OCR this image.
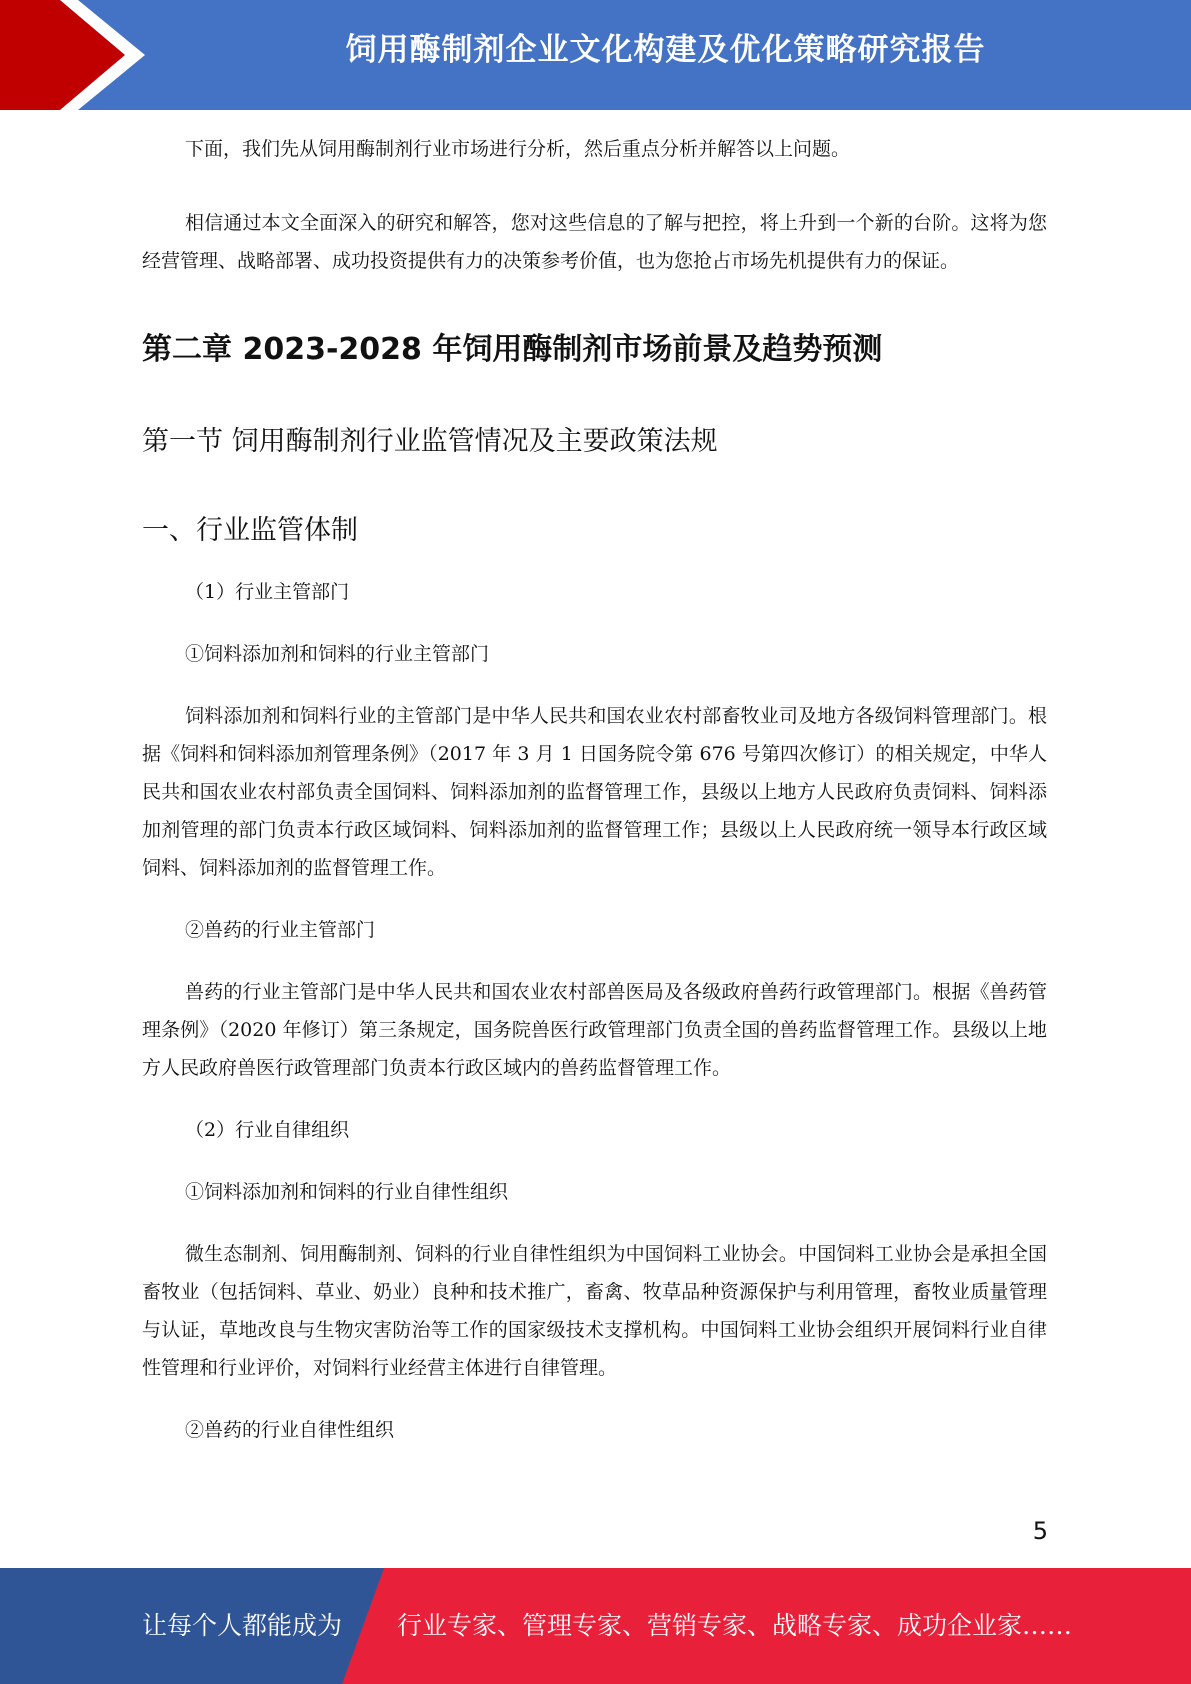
饲用酶制剂企业文化构建及优化策略研究报告

下面，我们先从饲用酶制剂行业市场进行分析，然后重点分析并解答以上问题。

相信通过本文全面深入的研究和解答，您对这些信息的了解与把控，将上升到一个新的台阶。这将为您经营管理、战略部署、成功投资提供有力的决策参考价值，也为您抢占市场先机提供有力的保证。

第二章 2023-2028 年饲用酶制剂市场前景及趋势预测
第一节 饲用酶制剂行业监管情况及主要政策法规
一、行业监管体制

（1）行业主管部门

①饲料添加剂和饲料的行业主管部门

饲料添加剂和饲料行业的主管部门是中华人民共和国农业农村部畜牧业司及地方各级饲料管理部门。根据《饲料和饲料添加剂管理条例》（2017 年 3 月 1 日国务院令第 676 号第四次修订）的相关规定，中华人民共和国农业农村部负责全国饲料、饲料添加剂的监督管理工作，县级以上地方人民政府负责饲料、饲料添加剂管理的部门负责本行政区域饲料、饲料添加剂的监督管理工作；县级以上人民政府统一领导本行政区域饲料、饲料添加剂的监督管理工作。

②兽药的行业主管部门

兽药的行业主管部门是中华人民共和国农业农村部兽医局及各级政府兽药行政管理部门。根据《兽药管理条例》（2020 年修订）第三条规定，国务院兽医行政管理部门负责全国的兽药监督管理工作。县级以上地方人民政府兽医行政管理部门负责本行政区域内的兽药监督管理工作。

（2）行业自律组织

①饲料添加剂和饲料的行业自律性组织

微生态制剂、饲用酶制剂、饲料的行业自律性组织为中国饲料工业协会。中国饲料工业协会是承担全国畜牧业（包括饲料、草业、奶业）良种和技术推广，畜禽、牧草品种资源保护与利用管理，畜牧业质量管理与认证，草地改良与生物灾害防治等工作的国家级技术支撑机构。中国饲料工业协会组织开展饲料行业自律性管理和行业评价，对饲料行业经营主体进行自律管理。

②兽药的行业自律性组织

5
让每个人都能成为 行业专家、管理专家、营销专家、战略专家、成功企业家……
